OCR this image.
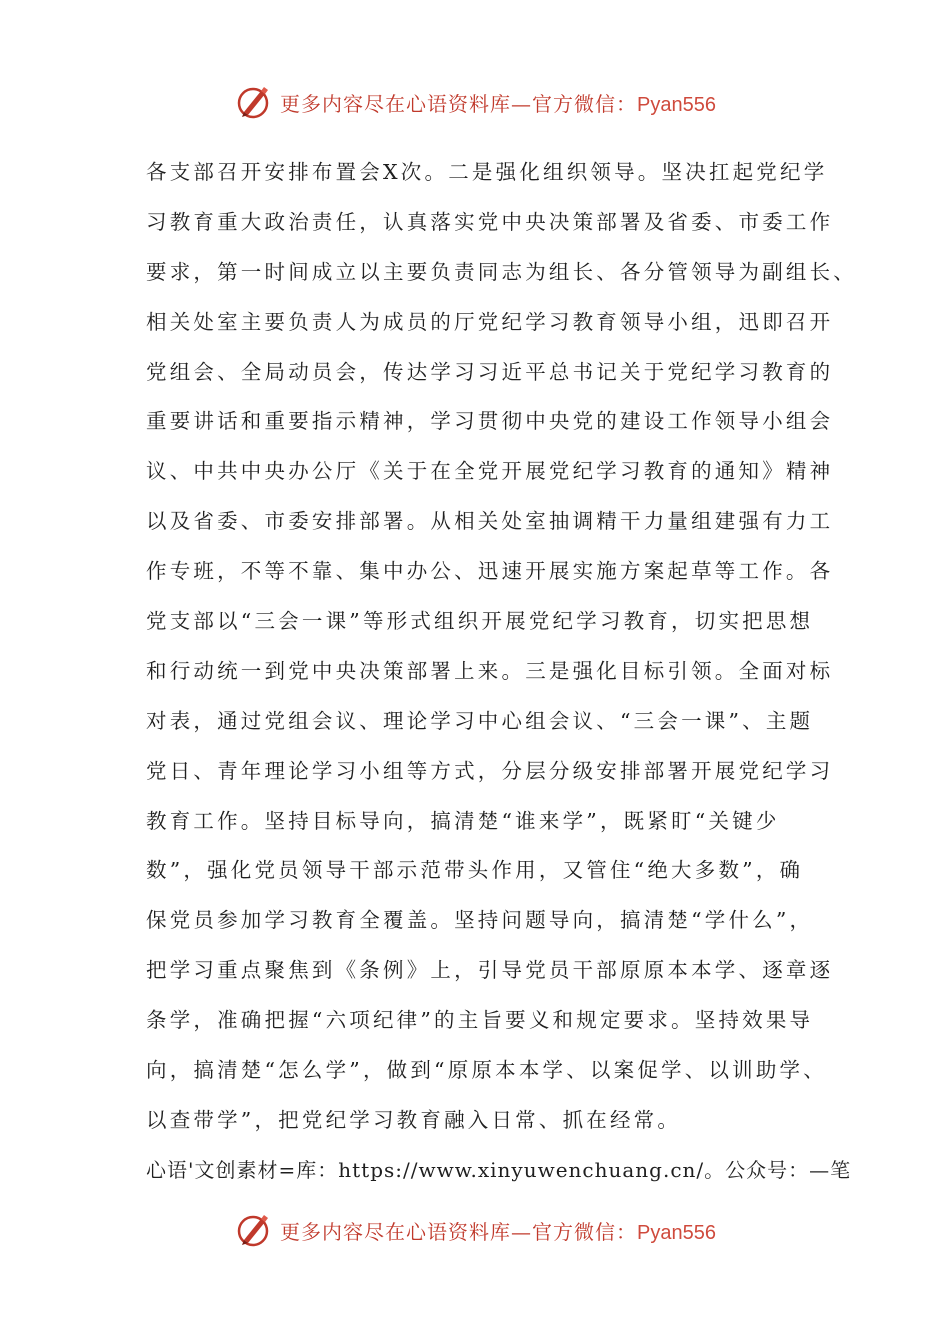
更多内容尽在心语资料库—官方微信：Pyan556
各支部召开安排布置会X次。二是强化组织领导。坚决扛起党纪学
习教育重大政治责任，认真落实党中央决策部署及省委、市委工作
要求，第一时间成立以主要负责同志为组长、各分管领导为副组长、
相关处室主要负责人为成员的厅党纪学习教育领导小组，迅即召开
党组会、全局动员会，传达学习习近平总书记关于党纪学习教育的
重要讲话和重要指示精神，学习贯彻中央党的建设工作领导小组会
议、中共中央办公厅《关于在全党开展党纪学习教育的通知》精神
以及省委、市委安排部署。从相关处室抽调精干力量组建强有力工
作专班，不等不靠、集中办公、迅速开展实施方案起草等工作。各
党支部以“三会一课”等形式组织开展党纪学习教育，切实把思想
和行动统一到党中央决策部署上来。三是强化目标引领。全面对标
对表，通过党组会议、理论学习中心组会议、“三会一课”、主题
党日、青年理论学习小组等方式，分层分级安排部署开展党纪学习
教育工作。坚持目标导向，搞清楚“谁来学”，既紧盯“关键少
数”，强化党员领导干部示范带头作用，又管住“绝大多数”，确
保党员参加学习教育全覆盖。坚持问题导向，搞清楚“学什么”，
把学习重点聚焦到《条例》上，引导党员干部原原本本学、逐章逐
条学，准确把握“六项纪律”的主旨要义和规定要求。坚持效果导
向，搞清楚“怎么学”，做到“原原本本学、以案促学、以训助学、
以查带学”，把党纪学习教育融入日常、抓在经常。
心语'文创素材=库：https://www.xinyuwenchuang.cn/。公众号：—笔
更多内容尽在心语资料库—官方微信：Pyan556
